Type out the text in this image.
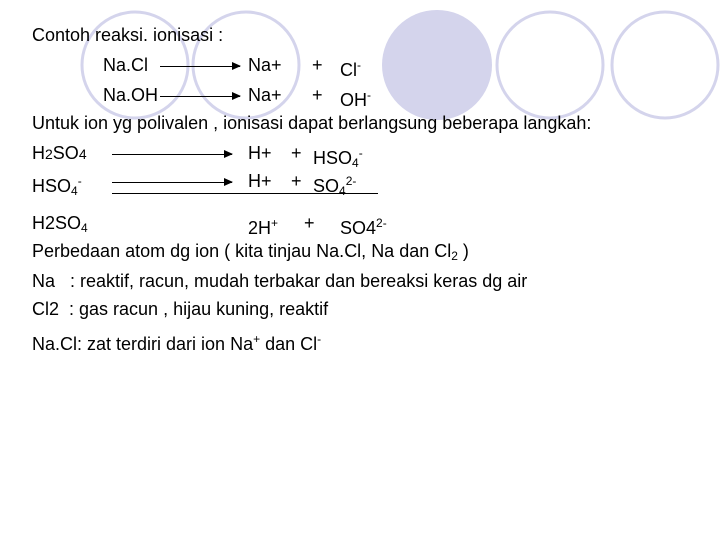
Contoh reaksi. ionisasi :
Na.Cl	Na+ + Cl-
Na.OH	Na+ + OH-
Untuk ion yg polivalen , ionisasi dapat berlangsung beberapa langkah:
H2SO4	$H+ + HSO_4^-$
$HSO_4^-$	$H+ + SO_4^{2-}$
$H2SO_4$	$2H^+ + SO4^{2-}$
Perbedaan atom dg ion ( kita tinjau Na.Cl, Na dan $Cl_2$ )
Na   : reaktif, racun, mudah terbakar dan bereaksi keras dg air
Cl2  : gas racun , hijau kuning, reaktif
Na.Cl: zat terdiri dari ion Na+ dan Cl-
